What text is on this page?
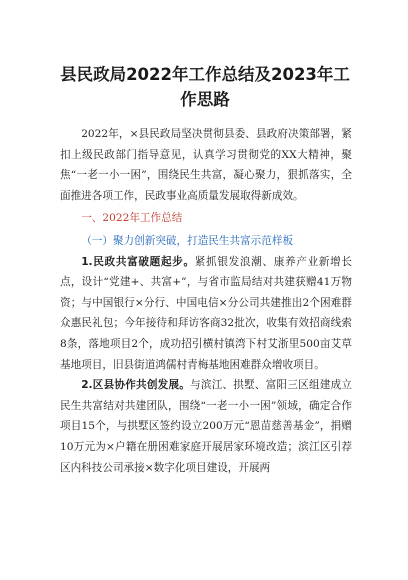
县民政局2022年工作总结及2023年工
作思路

2022年，×县民政局坚决贯彻县委、县政府决策部署，紧扣上级民政部门指导意见，认真学习贯彻党的XX大精神，聚焦“一老一小一困”，围绕民生共富，凝心聚力，狠抓落实，全面推进各项工作，民政事业高质量发展取得新成效。

一、2022年工作总结

（一）聚力创新突破，打造民生共富示范样板

1.民政共富破题起步。紧抓银发浪潮、康养产业新增长点，设计“党建+、共富+”，与省市监局结对共建获赠41万物资；与中国银行×分行、中国电信×分公司共建推出2个困难群众惠民礼包；今年接待和拜访客商32批次，收集有效招商线索8条，落地项目2个，成功招引横村镇湾下村艾浙里500亩艾草基地项目，旧县街道鸿儒村青梅基地困难群众增收项目。

2.区县协作共创发展。与滨江、拱墅、富阳三区组建成立民生共富结对共建团队，围绕“一老一小一困”领域，确定合作项目15个，与拱墅区签约设立200万元“恩苗慈善基金”，捐赠10万元为×户籍在册困难家庭开展居家环境改造；滨江区引荐区内科技公司承接×数字化项目建设，开展两
